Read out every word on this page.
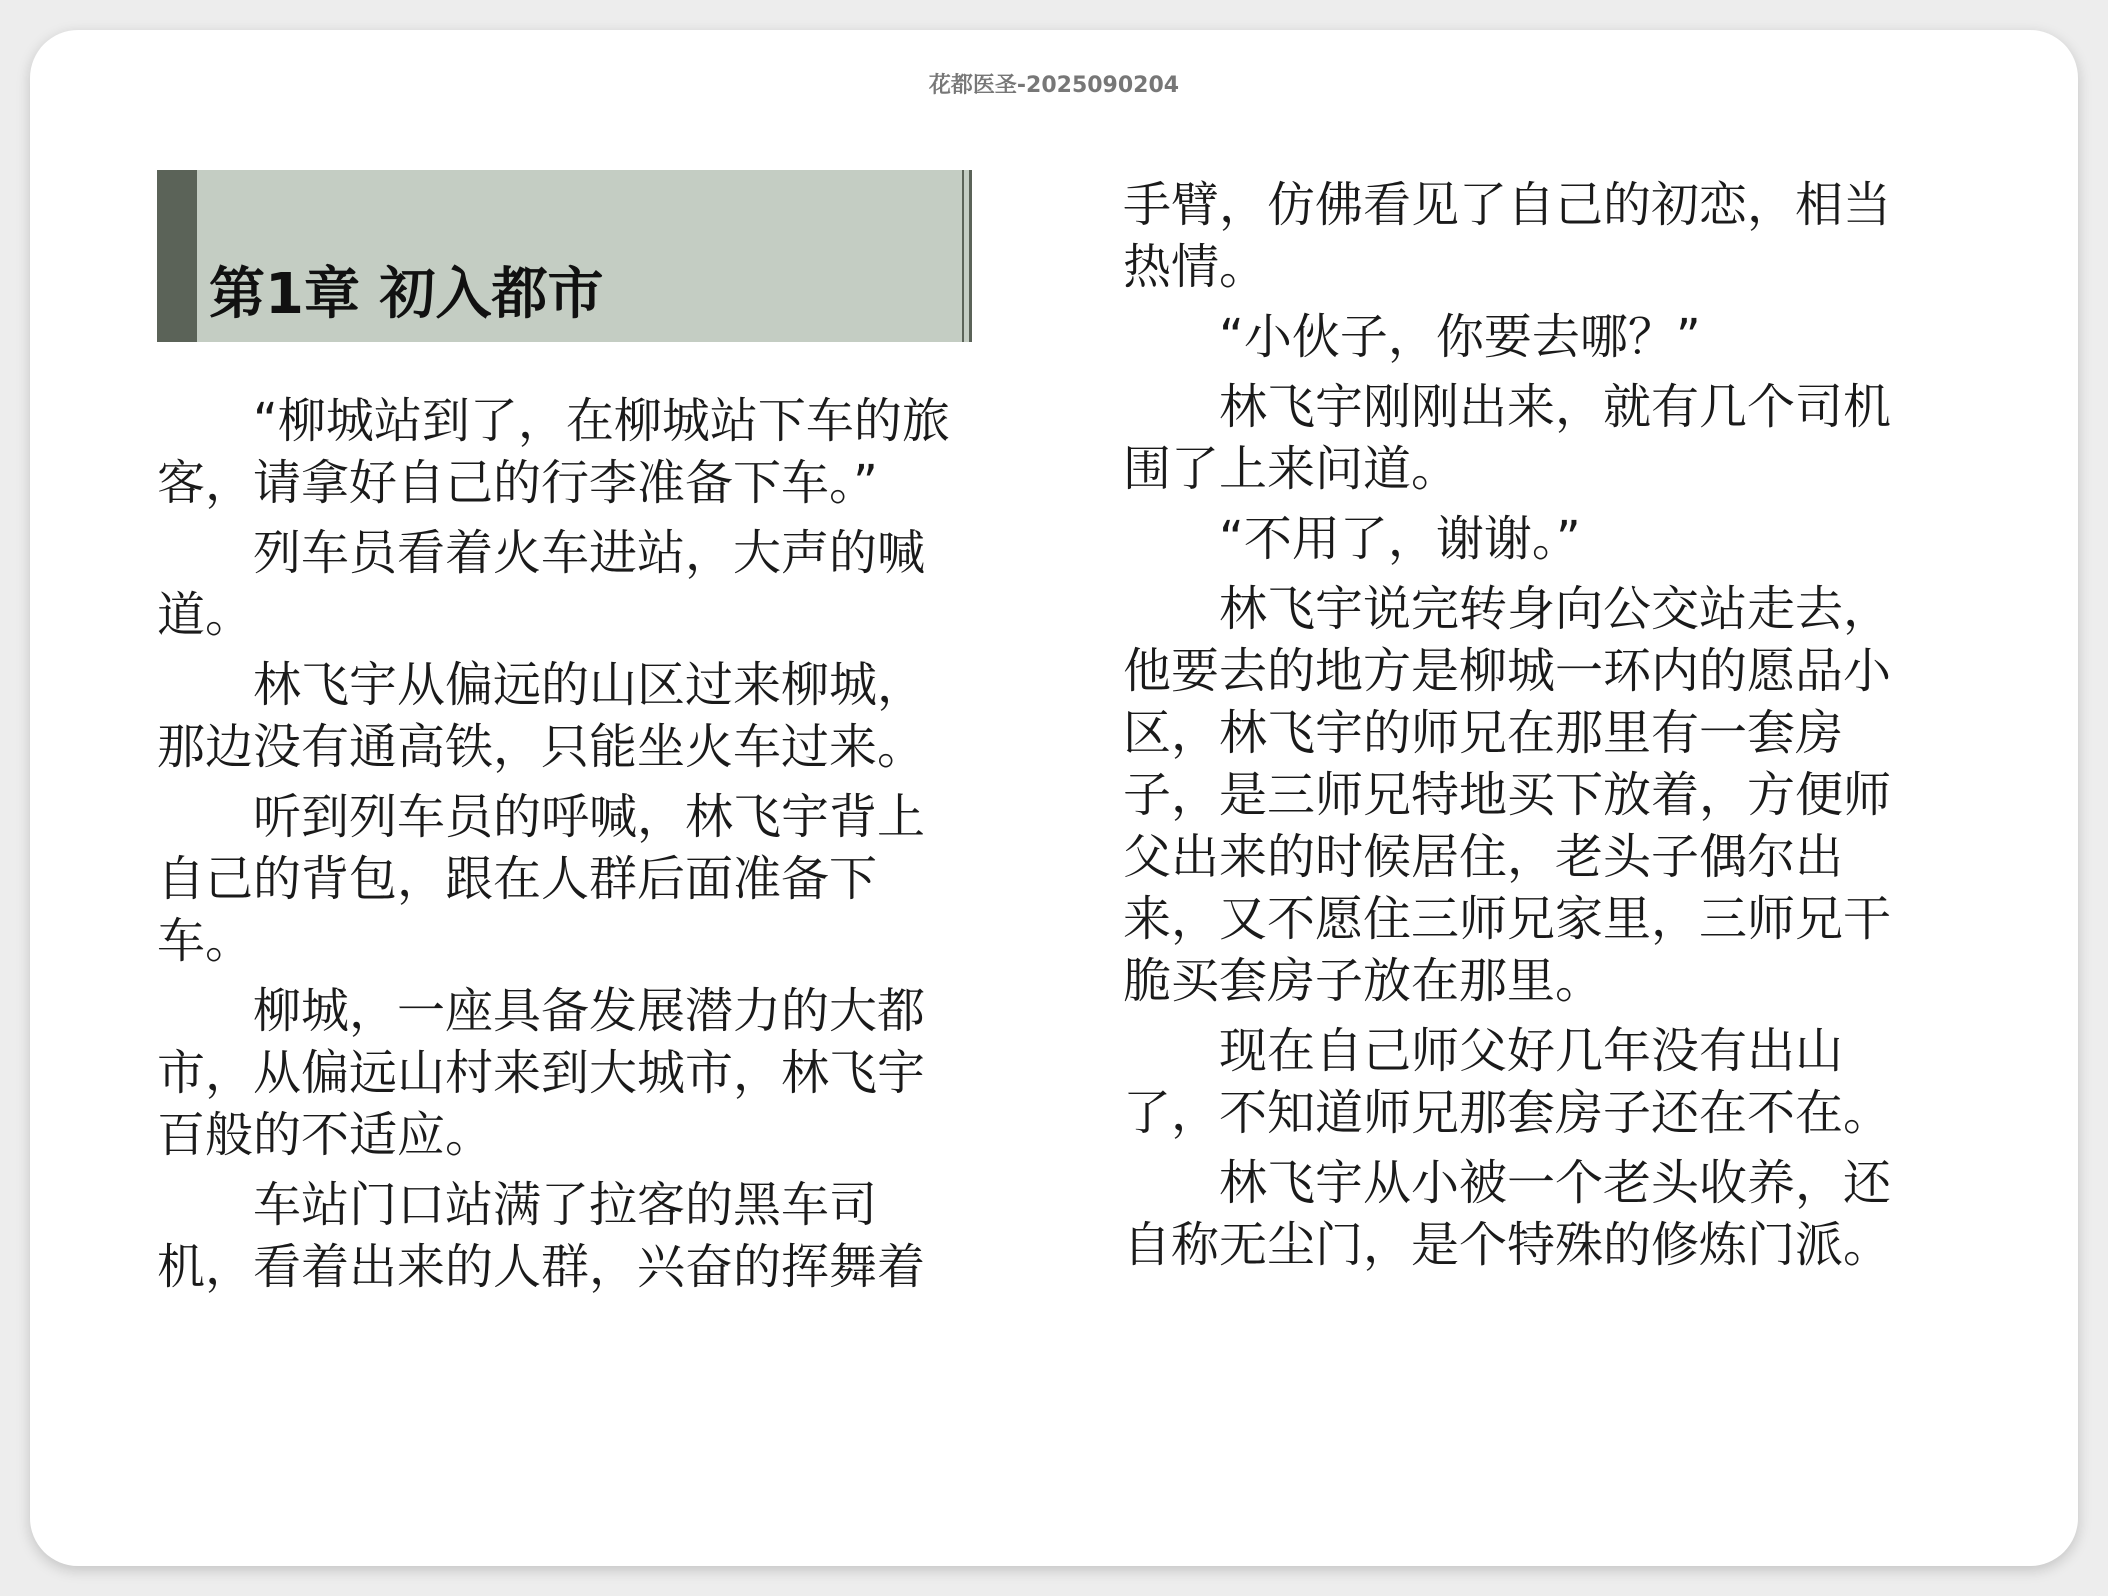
花都医圣-2025090204
第1章 初入都市

“柳城站到了，在柳城站下车的旅客，请拿好自己的行李准备下车。”

列车员看着火车进站，大声的喊道。

林飞宇从偏远的山区过来柳城，那边没有通高铁，只能坐火车过来。

听到列车员的呼喊，林飞宇背上自己的背包，跟在人群后面准备下车。

柳城，一座具备发展潜力的大都市，从偏远山村来到大城市，林飞宇百般的不适应。

车站门口站满了拉客的黑车司机，看着出来的人群，兴奋的挥舞着

手臂，仿佛看见了自己的初恋，相当热情。

“小伙子，你要去哪？”

林飞宇刚刚出来，就有几个司机围了上来问道。

“不用了，谢谢。”

林飞宇说完转身向公交站走去，他要去的地方是柳城一环内的愿品小区，林飞宇的师兄在那里有一套房子，是三师兄特地买下放着，方便师父出来的时候居住，老头子偶尔出来，又不愿住三师兄家里，三师兄干脆买套房子放在那里。

现在自己师父好几年没有出山了，不知道师兄那套房子还在不在。

林飞宇从小被一个老头收养，还自称无尘门，是个特殊的修炼门派。
